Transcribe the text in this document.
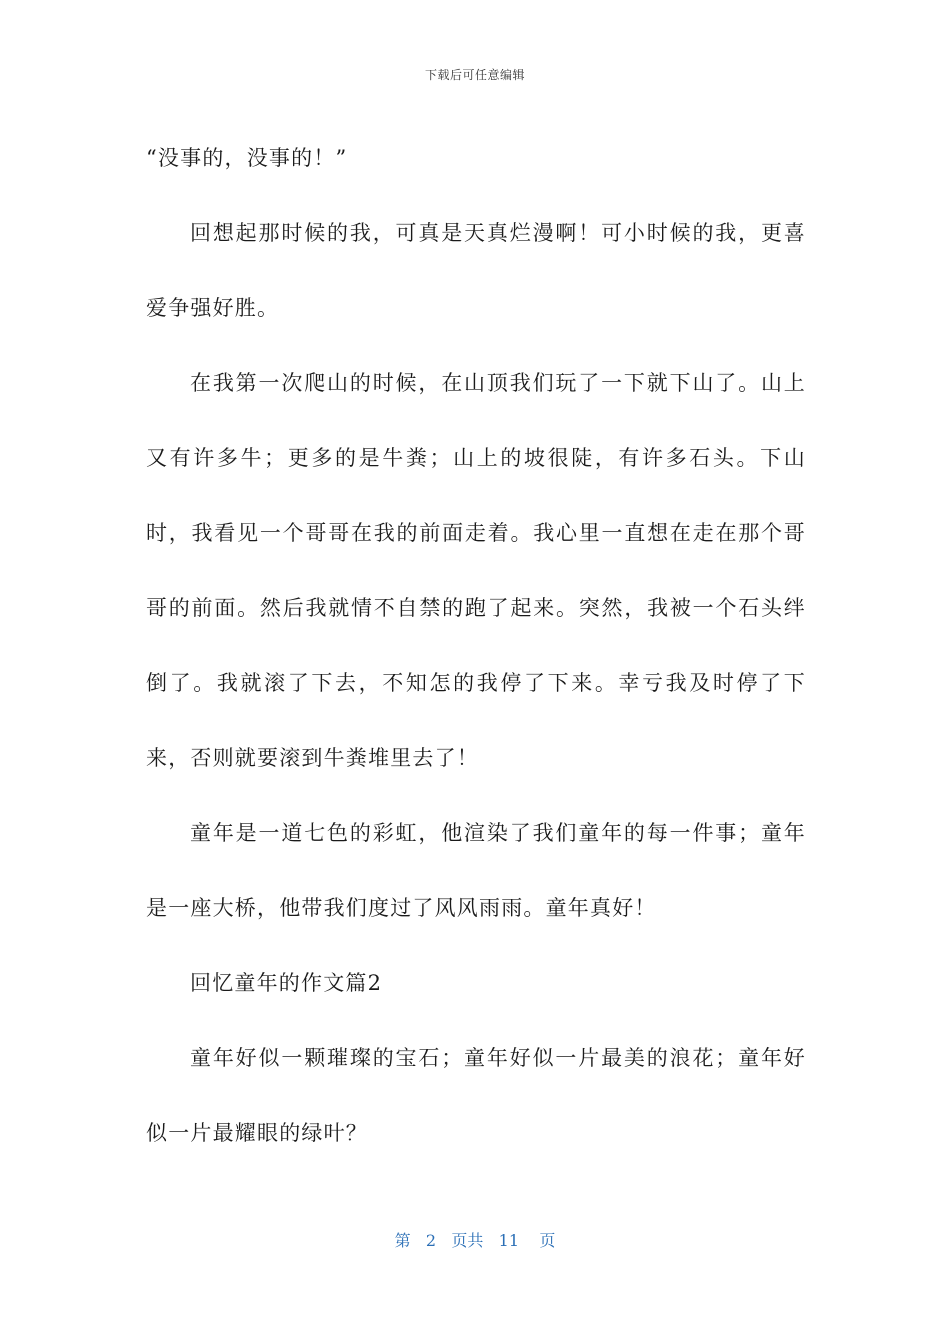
下载后可任意编辑

“没事的，没事的！”

回想起那时候的我，可真是天真烂漫啊！可小时候的我，更喜爱争强好胜。

在我第一次爬山的时候，在山顶我们玩了一下就下山了。山上又有许多牛；更多的是牛粪；山上的坡很陡，有许多石头。下山时，我看见一个哥哥在我的前面走着。我心里一直想在走在那个哥哥的前面。然后我就情不自禁的跑了起来。突然，我被一个石头绊倒了。我就滚了下去，不知怎的我停了下来。幸亏我及时停了下来，否则就要滚到牛粪堆里去了！

童年是一道七色的彩虹，他渲染了我们童年的每一件事；童年是一座大桥，他带我们度过了风风雨雨。童年真好！

回忆童年的作文篇2

童年好似一颗璀璨的宝石；童年好似一片最美的浪花；童年好似一片最耀眼的绿叶？

第 2 页共 11 页
